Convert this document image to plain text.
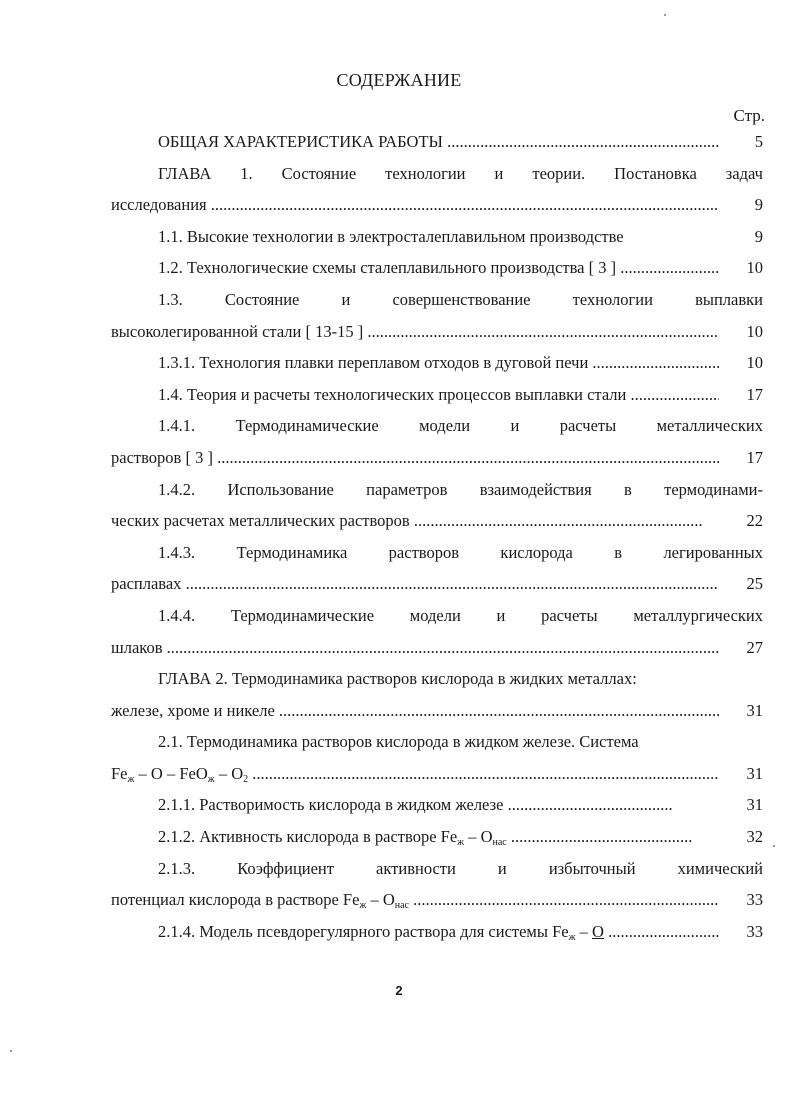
СОДЕРЖАНИЕ
Стр.
ОБЩАЯ ХАРАКТЕРИСТИКА РАБОТЫ .....	5
ГЛАВА 1. Состояние технологии и теории. Постановка задач
исследования .....	9
1.1. Высокие технологии в электросталеплавильном производстве	9
1.2. Технологические схемы сталеплавильного производства [ 3 ] .....	10
1.3. Состояние и совершенствование технологии выплавки
высоколегированной стали [ 13-15 ] .....	10
1.3.1. Технология плавки переплавом отходов в дуговой печи .....	10
1.4. Теория и расчеты технологических процессов выплавки стали .....	17
1.4.1. Термодинамические модели и расчеты металлических
растворов [ 3 ] .....	17
1.4.2. Использование параметров взаимодействия в термодинами-
ческих расчетах металлических растворов .....	22
1.4.3. Термодинамика растворов кислорода в легированных
расплавах .....	25
1.4.4. Термодинамические модели и расчеты металлургических
шлаков .....	27
ГЛАВА 2. Термодинамика растворов кислорода в жидких металлах:
железе, хроме и никеле .....	31
2.1. Термодинамика растворов кислорода в жидком железе. Система
$Fe_ж$ – O – $FeO_ж - O_2$ .....	31
2.1.1. Растворимость кислорода в жидком железе .....	31
2.1.2. Активность кислорода в растворе $Fe_ж - O_{нас}$ .....	32
2.1.3. Коэффициент активности и избыточный химический
потенциал кислорода в растворе $Fe_ж - O_{нас}$ .....	33
2.1.4. Модель псевдорегулярного раствора для системы $Fe_ж$ – O .....	33
2
